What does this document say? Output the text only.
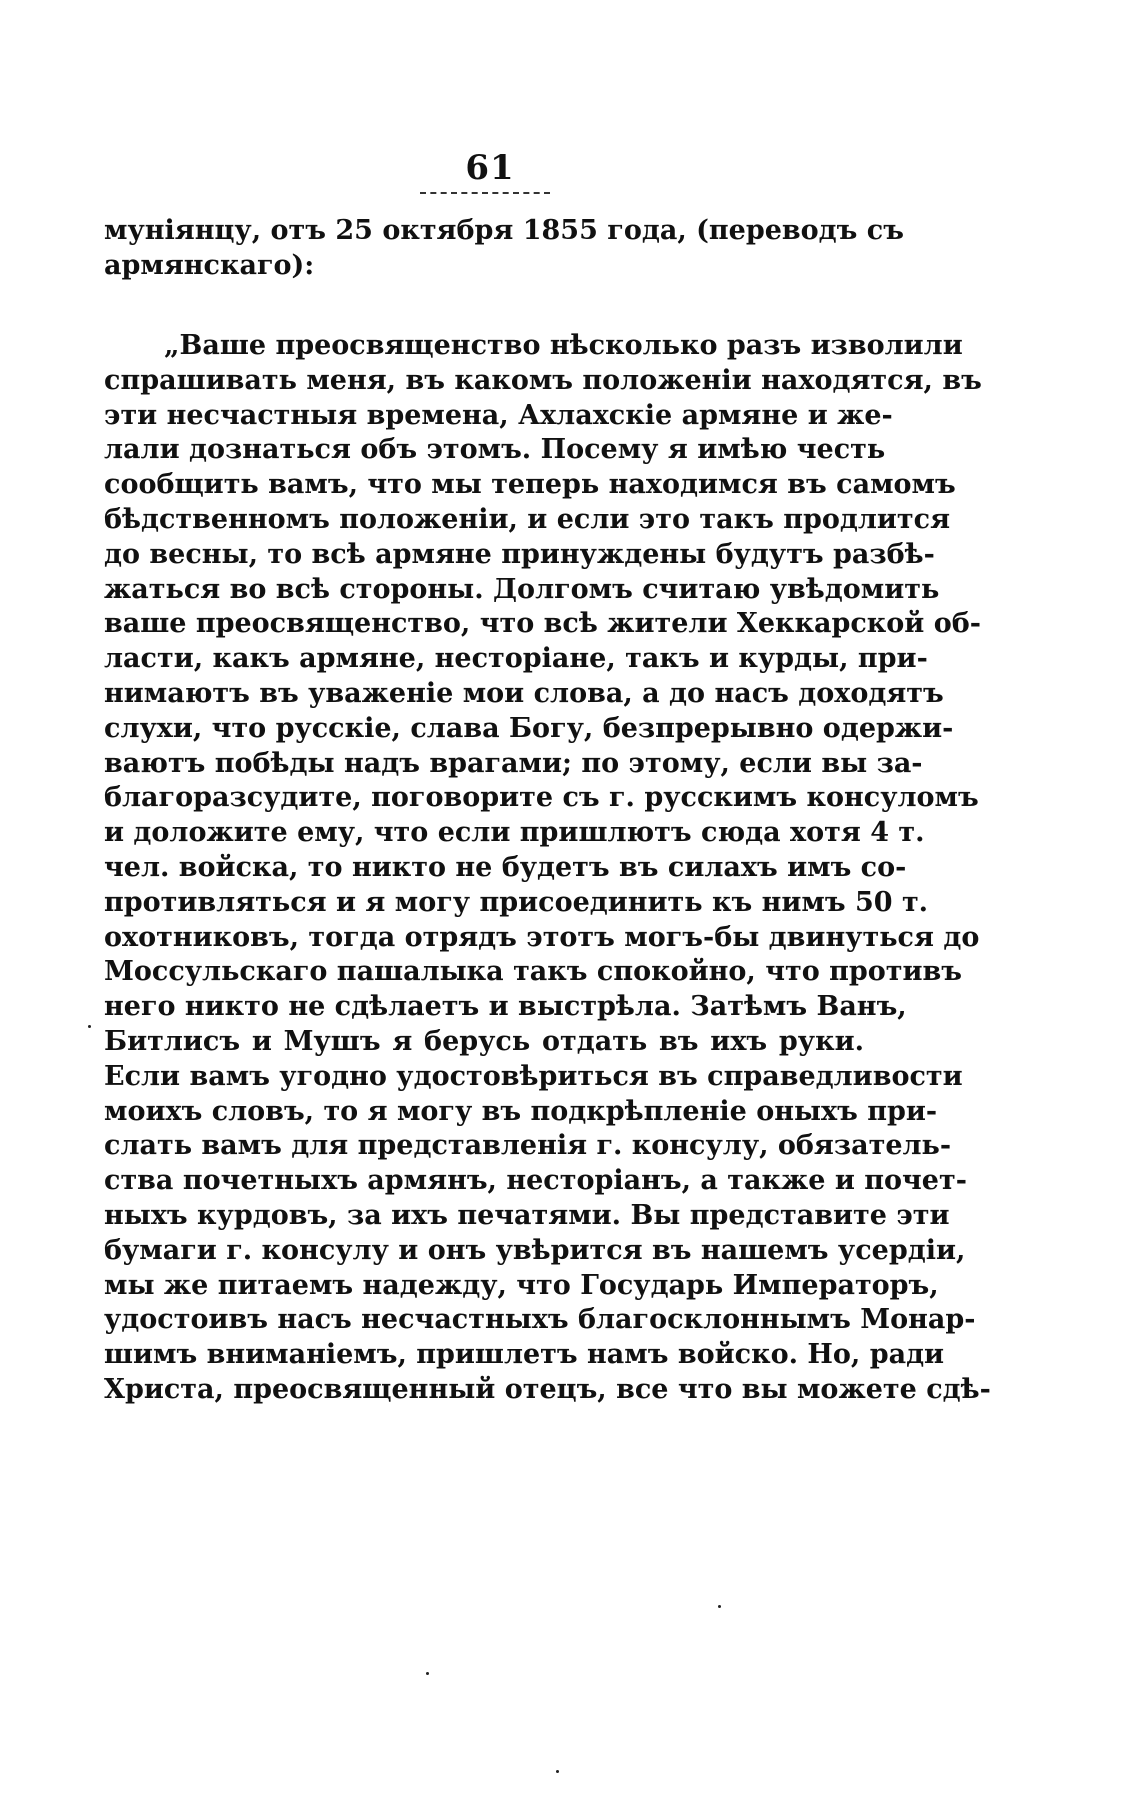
61
муніянцу, отъ 25 октября 1855 года, (переводъ съ
армянскаго):
„Ваше преосвященство нѣсколько разъ изволили
спрашивать меня, въ какомъ положеніи находятся, въ
эти несчастныя времена, Ахлахскіе армяне и же-
лали дознаться объ этомъ. Посему я имѣю честь
сообщить вамъ, что мы теперь находимся въ самомъ
бѣдственномъ положеніи, и если это такъ продлится
до весны, то всѣ армяне принуждены будутъ разбѣ-
жаться во всѣ стороны. Долгомъ считаю увѣдомить
ваше преосвященство, что всѣ жители Хеккарской об-
ласти, какъ армяне, несторіане, такъ и курды, при-
нимаютъ въ уваженіе мои слова, а до насъ доходятъ
слухи, что русскіе, слава Богу, безпрерывно одержи-
ваютъ побѣды надъ врагами; по этому, если вы за-
благоразсудите, поговорите съ г. русскимъ консуломъ
и доложите ему, что если пришлютъ сюда хотя 4 т.
чел. войска, то никто не будетъ въ силахъ имъ со-
противляться и я могу присоединить къ нимъ 50 т.
охотниковъ, тогда отрядъ этотъ могъ-бы двинуться до
Моссульскаго пашалыка такъ спокойно, что противъ
него никто не сдѣлаетъ и выстрѣла. Затѣмъ Ванъ,
Битлисъ и Мушъ я берусь отдать въ ихъ руки.
Если вамъ угодно удостовѣриться въ справедливости
моихъ словъ, то я могу въ подкрѣпленіе оныхъ при-
слать вамъ для представленія г. консулу, обязатель-
ства почетныхъ армянъ, несторіанъ, а также и почет-
ныхъ курдовъ, за ихъ печатями. Вы представите эти
бумаги г. консулу и онъ увѣрится въ нашемъ усердіи,
мы же питаемъ надежду, что Государь Императоръ,
удостоивъ насъ несчастныхъ благосклоннымъ Монар-
шимъ вниманіемъ, пришлетъ намъ войско. Но, ради
Христа, преосвященный отецъ, все что вы можете сдѣ-
